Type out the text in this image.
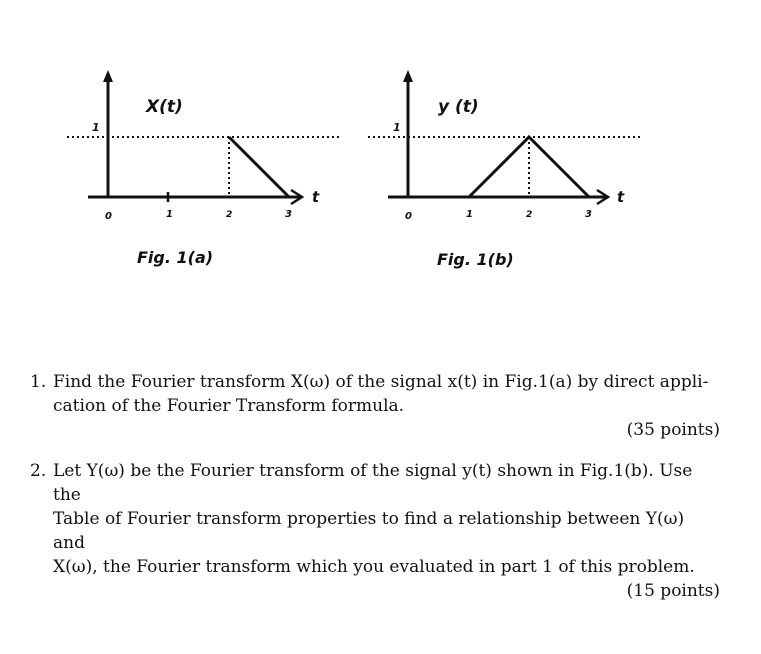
X(t)
1
t
0	1	2	3
Fig. 1(a)
y (t)
1
t
0	1	2	3
Fig. 1(b)
1. Find the Fourier transform X(ω) of the signal x(t) in Fig.1(a) by direct appli-
cation of the Fourier Transform formula.
(35 points)
2. Let Y(ω) be the Fourier transform of the signal y(t) shown in Fig.1(b). Use the
Table of Fourier transform properties to find a relationship between Y(ω) and
X(ω), the Fourier transform which you evaluated in part 1 of this problem.
(15 points)
